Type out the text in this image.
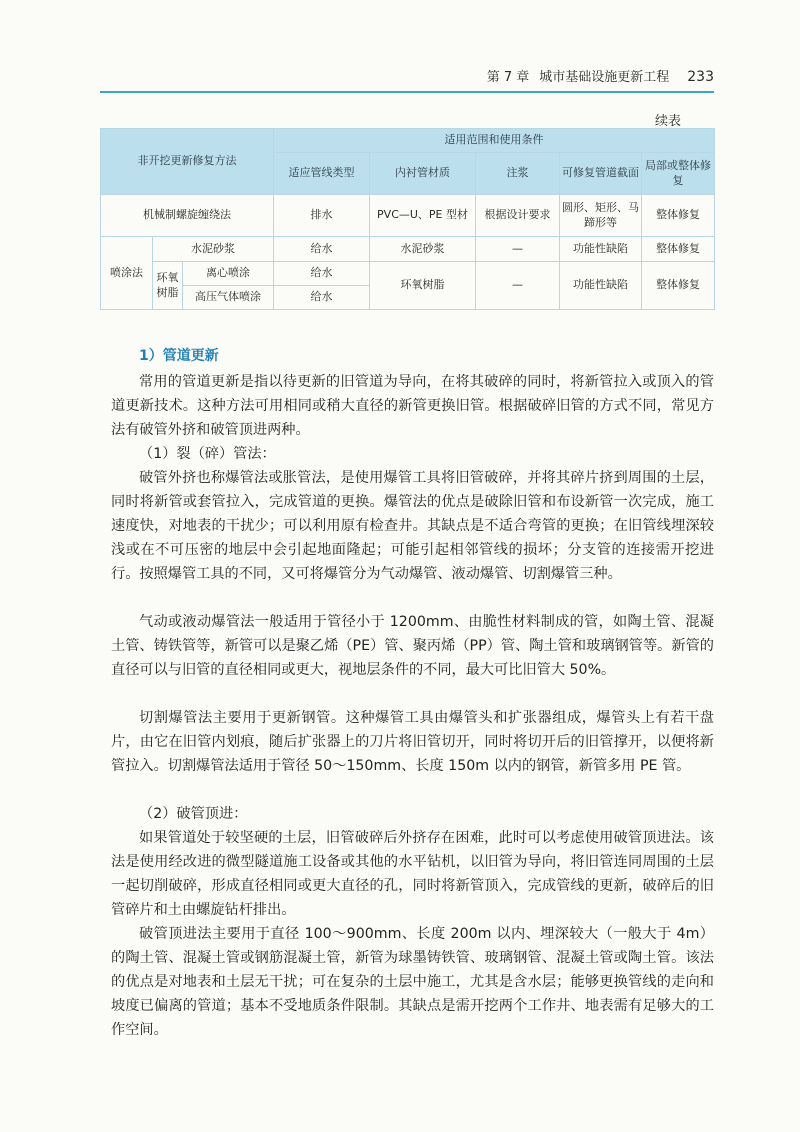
第 7 章 城市基础设施更新工程 233
续表
非开挖更新修复方法			适用范围和使用条件				
			适应管线类型	内衬管材质	注浆	可修复管道截面	局部或整体修复
机械制螺旋缠绕法			排水	PVC—U、PE 型材	根据设计要求	圆形、矩形、马蹄形等	整体修复
喷涂法	水泥砂浆		给水	水泥砂浆	—	功能性缺陷	整体修复
	环氧树脂	离心喷涂	给水	环氧树脂	—	功能性缺陷	整体修复
		高压气体喷涂	给水				
1）管道更新

常用的管道更新是指以待更新的旧管道为导向，在将其破碎的同时，将新管拉入或顶入的管道更新技术。这种方法可用相同或稍大直径的新管更换旧管。根据破碎旧管的方式不同，常见方法有破管外挤和破管顶进两种。

（1）裂（碎）管法：

破管外挤也称爆管法或胀管法，是使用爆管工具将旧管破碎，并将其碎片挤到周围的土层，同时将新管或套管拉入，完成管道的更换。爆管法的优点是破除旧管和布设新管一次完成，施工速度快，对地表的干扰少；可以利用原有检查井。其缺点是不适合弯管的更换；在旧管线埋深较浅或在不可压密的地层中会引起地面隆起；可能引起相邻管线的损坏；分支管的连接需开挖进行。按照爆管工具的不同，又可将爆管分为气动爆管、液动爆管、切割爆管三种。

气动或液动爆管法一般适用于管径小于 1200mm、由脆性材料制成的管，如陶土管、混凝土管、铸铁管等，新管可以是聚乙烯（PE）管、聚丙烯（PP）管、陶土管和玻璃钢管等。新管的直径可以与旧管的直径相同或更大，视地层条件的不同，最大可比旧管大 50%。

切割爆管法主要用于更新钢管。这种爆管工具由爆管头和扩张器组成，爆管头上有若干盘片，由它在旧管内划痕，随后扩张器上的刀片将旧管切开，同时将切开后的旧管撑开，以便将新管拉入。切割爆管法适用于管径 50～150mm、长度 150m 以内的钢管，新管多用 PE 管。

（2）破管顶进：

如果管道处于较坚硬的土层，旧管破碎后外挤存在困难，此时可以考虑使用破管顶进法。该法是使用经改进的微型隧道施工设备或其他的水平钻机，以旧管为导向，将旧管连同周围的土层一起切削破碎，形成直径相同或更大直径的孔，同时将新管顶入，完成管线的更新，破碎后的旧管碎片和土由螺旋钻杆排出。

破管顶进法主要用于直径 100～900mm、长度 200m 以内、埋深较大（一般大于 4m）的陶土管、混凝土管或钢筋混凝土管，新管为球墨铸铁管、玻璃钢管、混凝土管或陶土管。该法的优点是对地表和土层无干扰；可在复杂的土层中施工，尤其是含水层；能够更换管线的走向和坡度已偏离的管道；基本不受地质条件限制。其缺点是需开挖两个工作井、地表需有足够大的工作空间。
